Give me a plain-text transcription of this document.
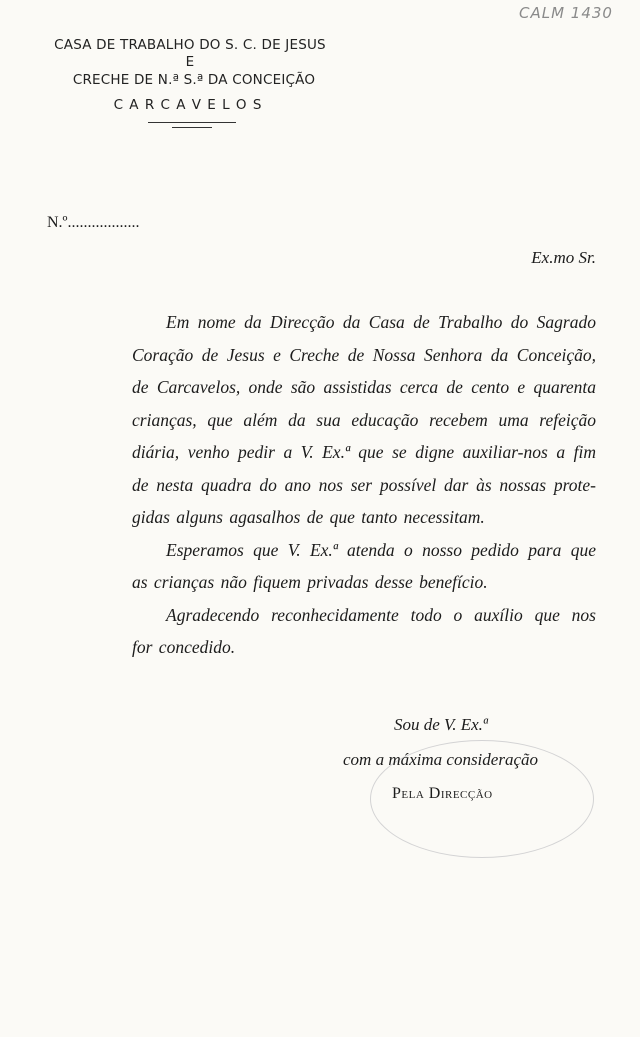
CALM 1430
CASA DE TRABALHO DO S. C. DE JESUS
E
CRECHE DE N.ª S.ª DA CONCEIÇÃO
C A R C A V E L O S
N.º..................
Ex.mo Sr.
Em nome da Direcção da Casa de Trabalho do Sagrado
Coração de Jesus e Creche de Nossa Senhora da Conceição,
de Carcavelos, onde são assistidas cerca de cento e quarenta
crianças, que além da sua educação recebem uma refeição
diária, venho pedir a V. Ex.ª que se digne auxiliar-nos a fim
de nesta quadra do ano nos ser possível dar às nossas prote-
gidas alguns agasalhos de que tanto necessitam.
Esperamos que V. Ex.ª atenda o nosso pedido para que
as crianças não fiquem privadas desse benefício.
Agradecendo reconhecidamente todo o auxílio que nos
for concedido.
Sou de V. Ex.ª
com a máxima consideração
Pela Direcção
